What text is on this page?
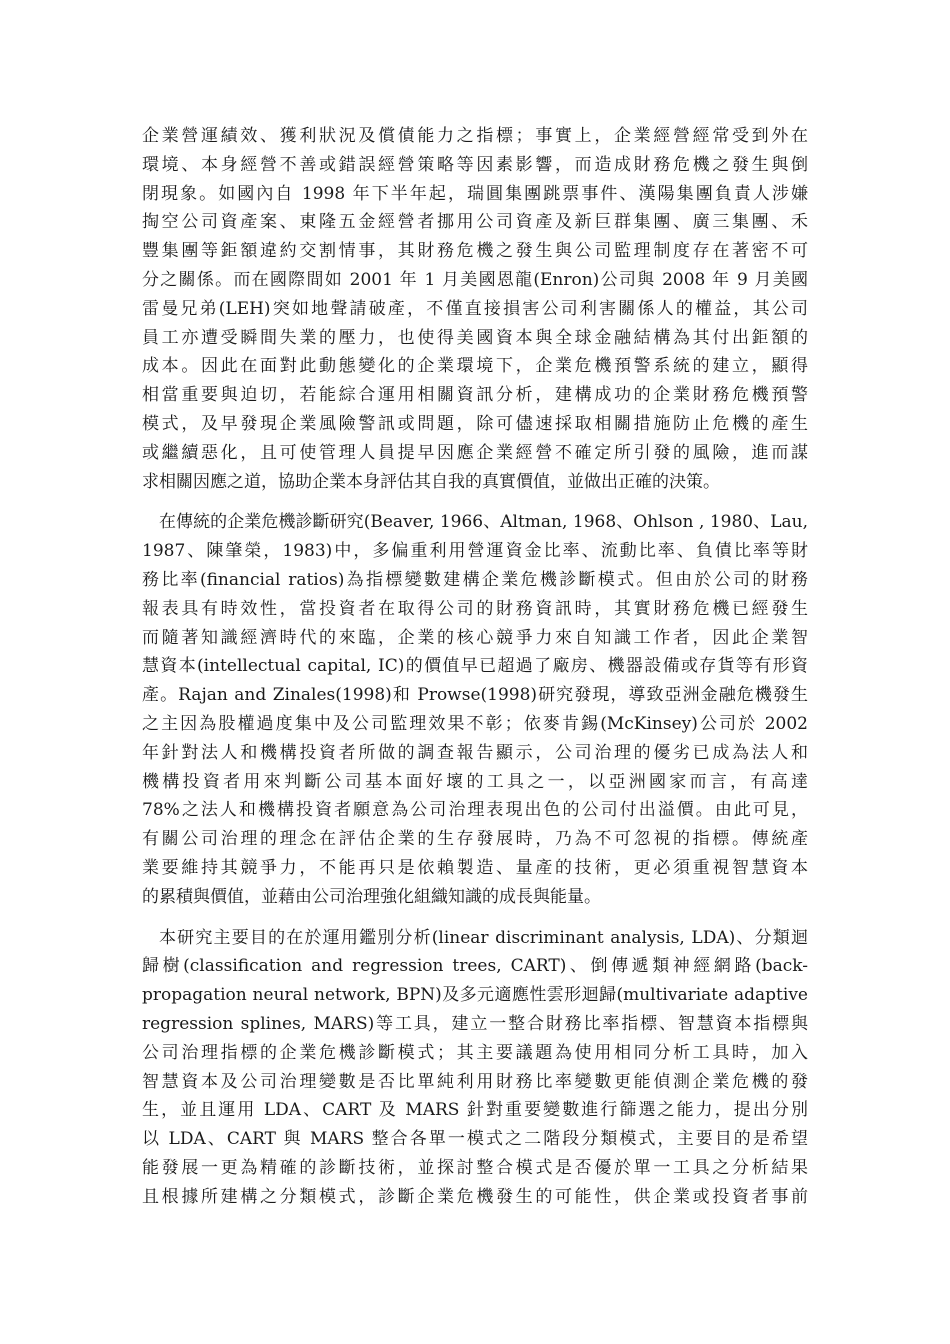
企業營運績效、獲利狀況及償債能力之指標；事實上，企業經營經常受到外在
環境、本身經營不善或錯誤經營策略等因素影響，而造成財務危機之發生與倒
閉現象。如國內自 1998 年下半年起，瑞圓集團跳票事件、漢陽集團負責人涉嫌
掏空公司資產案、東隆五金經營者挪用公司資產及新巨群集團、廣三集團、禾
豐集團等鉅額違約交割情事，其財務危機之發生與公司監理制度存在著密不可
分之關係。而在國際間如 2001 年 1 月美國恩龍(Enron)公司與 2008 年 9 月美國
雷曼兄弟(LEH)突如地聲請破產，不僅直接損害公司利害關係人的權益，其公司
員工亦遭受瞬間失業的壓力，也使得美國資本與全球金融結構為其付出鉅額的
成本。因此在面對此動態變化的企業環境下，企業危機預警系統的建立，顯得
相當重要與迫切，若能綜合運用相關資訊分析，建構成功的企業財務危機預警
模式，及早發現企業風險警訊或問題，除可儘速採取相關措施防止危機的產生
或繼續惡化，且可使管理人員提早因應企業經營不確定所引發的風險，進而謀
求相關因應之道，協助企業本身評估其自我的真實價值，並做出正確的決策。
在傳統的企業危機診斷研究(Beaver, 1966、Altman, 1968、Ohlson , 1980、Lau,
1987、陳肇榮，1983)中，多偏重利用營運資金比率、流動比率、負債比率等財
務比率(financial ratios)為指標變數建構企業危機診斷模式。但由於公司的財務
報表具有時效性，當投資者在取得公司的財務資訊時，其實財務危機已經發生
而隨著知識經濟時代的來臨，企業的核心競爭力來自知識工作者，因此企業智
慧資本(intellectual capital, IC)的價值早已超過了廠房、機器設備或存貨等有形資
產。Rajan and Zinales(1998)和 Prowse(1998)研究發現，導致亞洲金融危機發生
之主因為股權過度集中及公司監理效果不彰；依麥肯錫(McKinsey)公司於 2002
年針對法人和機構投資者所做的調查報告顯示，公司治理的優劣已成為法人和
機構投資者用來判斷公司基本面好壞的工具之一，以亞洲國家而言，有高達
78%之法人和機構投資者願意為公司治理表現出色的公司付出溢價。由此可見，
有關公司治理的理念在評估企業的生存發展時，乃為不可忽視的指標。傳統產
業要維持其競爭力，不能再只是依賴製造、量產的技術，更必須重視智慧資本
的累積與價值，並藉由公司治理強化組織知識的成長與能量。
本研究主要目的在於運用鑑別分析(linear discriminant analysis, LDA)、分類迴
歸樹(classification and regression trees, CART)、倒傳遞類神經網路(back-
propagation neural network, BPN)及多元適應性雲形迴歸(multivariate adaptive
regression splines, MARS)等工具，建立一整合財務比率指標、智慧資本指標與
公司治理指標的企業危機診斷模式；其主要議題為使用相同分析工具時，加入
智慧資本及公司治理變數是否比單純利用財務比率變數更能偵測企業危機的發
生，並且運用 LDA、CART 及 MARS 針對重要變數進行篩選之能力，提出分別
以 LDA、CART 與 MARS 整合各單一模式之二階段分類模式，主要目的是希望
能發展一更為精確的診斷技術，並探討整合模式是否優於單一工具之分析結果
且根據所建構之分類模式，診斷企業危機發生的可能性，供企業或投資者事前
